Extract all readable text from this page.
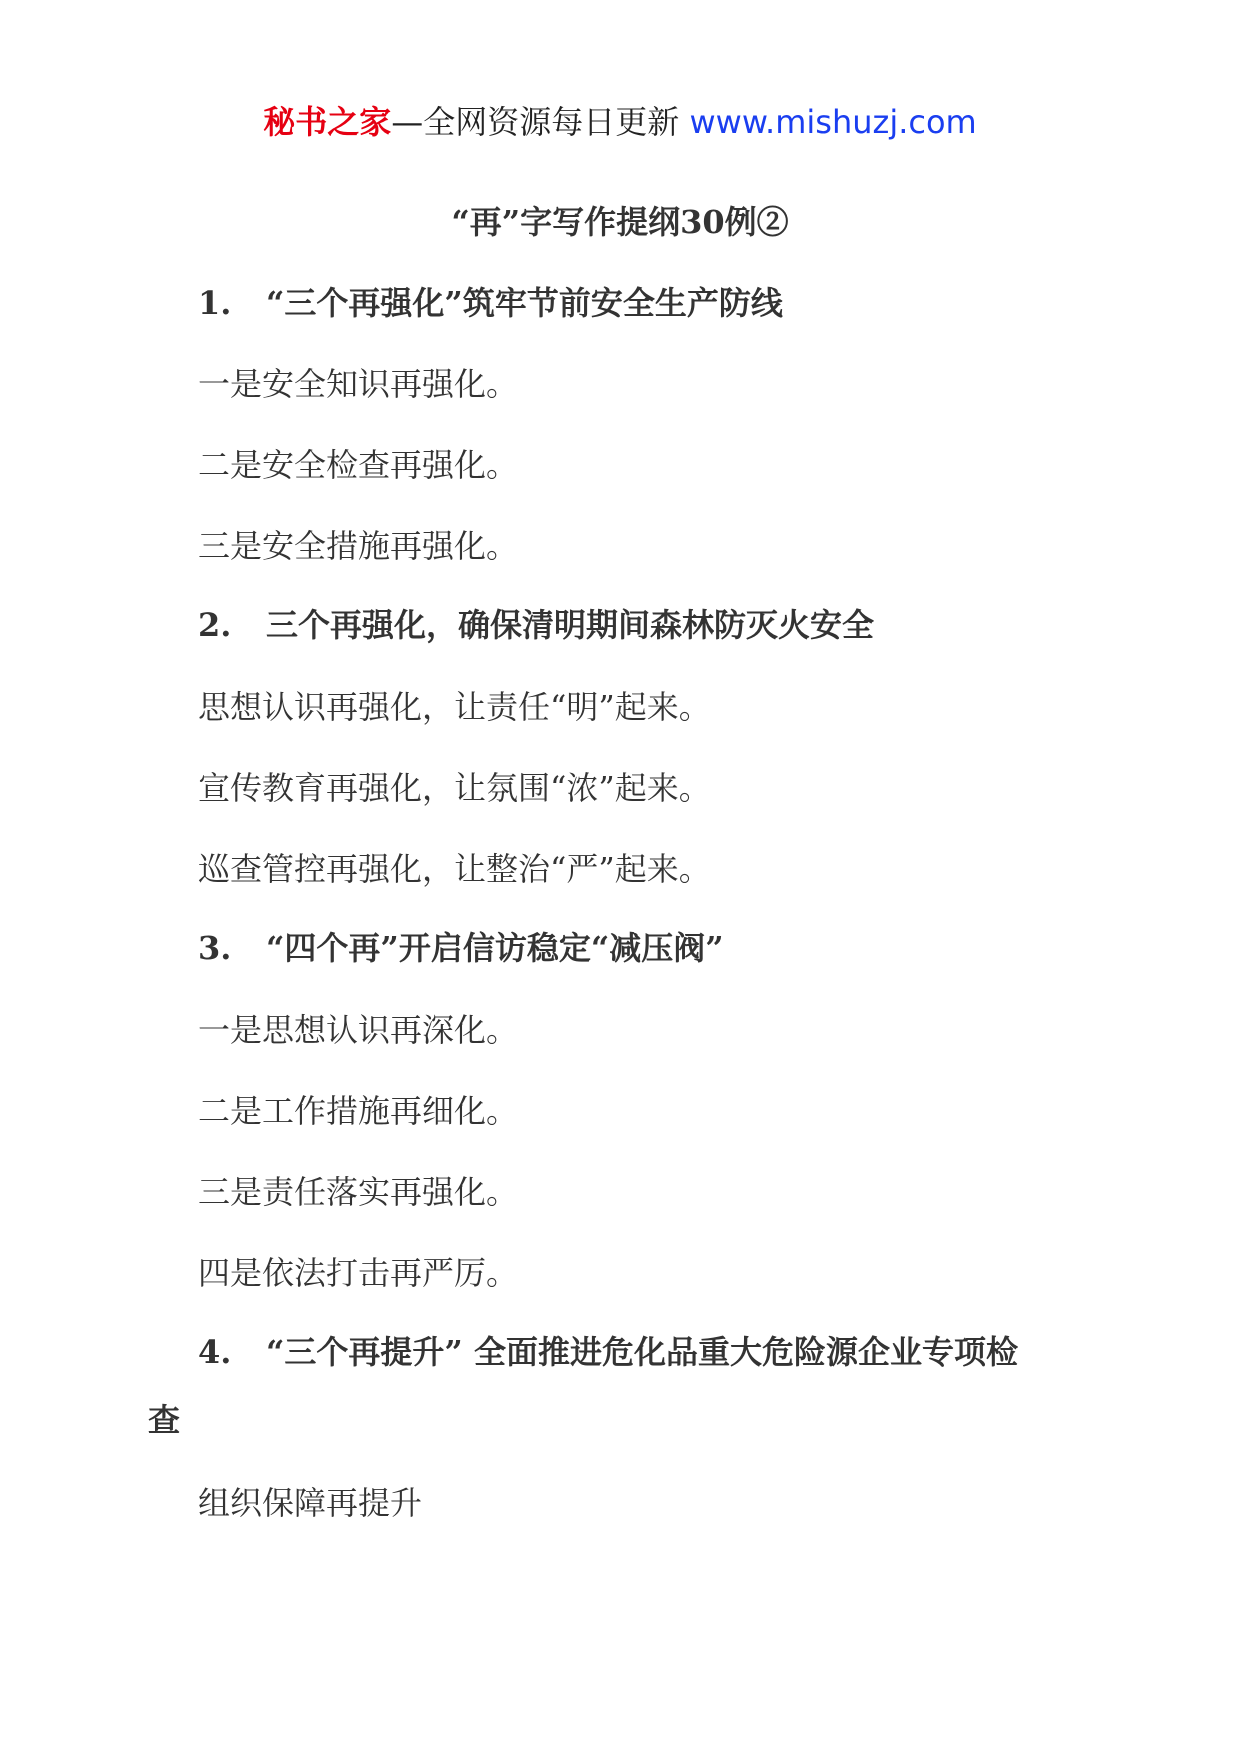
秘书之家—全网资源每日更新 www.mishuzj.com
“再”字写作提纲30例②
1. “三个再强化”筑牢节前安全生产防线
一是安全知识再强化。
二是安全检查再强化。
三是安全措施再强化。
2. 三个再强化，确保清明期间森林防灭火安全
思想认识再强化，让责任“明”起来。
宣传教育再强化，让氛围“浓”起来。
巡查管控再强化，让整治“严”起来。
3. “四个再”开启信访稳定“减压阀”
一是思想认识再深化。
二是工作措施再细化。
三是责任落实再强化。
四是依法打击再严厉。
4. “三个再提升” 全面推进危化品重大危险源企业专项检
查
组织保障再提升
